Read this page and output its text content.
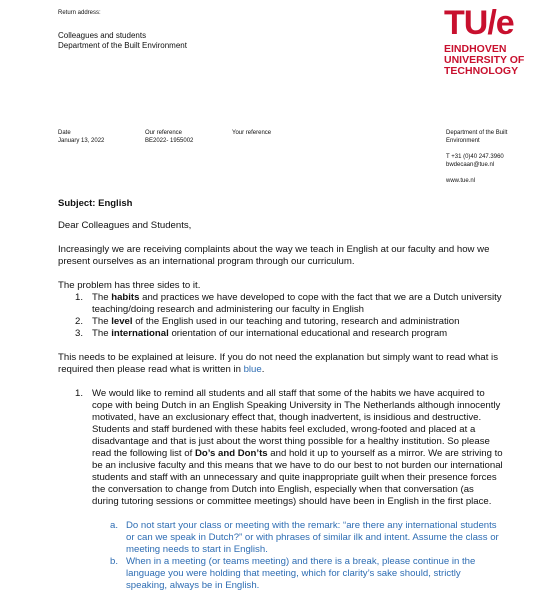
Return address:
Colleagues and students
Department of the Built Environment
TU/e
EINDHOVEN
UNIVERSITY OF
TECHNOLOGY
Date
January 13, 2022
Our reference
BE2022- 1955002
Your reference	Department of the Built
Environment
T +31 (0)40 247.3960
bwdecaan@tue.nl
www.tue.nl
Subject: English
Dear Colleagues and Students,
Increasingly we are receiving complaints about the way we teach in English at our faculty and how we present ourselves as an international program through our curriculum.
The problem has three sides to it.
1. The habits and practices we have developed to cope with the fact that we are a Dutch university teaching/doing research and administering our faculty in English
2. The level of the English used in our teaching and tutoring, research and administration
3. The international orientation of our international educational and research program
This needs to be explained at leisure. If you do not need the explanation but simply want to read what is required then please read what is written in blue.
1. We would like to remind all students and all staff that some of the habits we have acquired to cope with being Dutch in an English Speaking University in The Netherlands although innocently motivated, have an exclusionary effect that, though inadvertent, is insidious and destructive. Students and staff burdened with these habits feel excluded, wrong-footed and placed at a disadvantage and that is just about the worst thing possible for a healthy institution. So please read the following list of Do’s and Don’ts and hold it up to yourself as a mirror. We are striving to be an inclusive faculty and this means that we have to do our best to not burden our international students and staff with an unnecessary and quite inappropriate guilt when their presence forces the conversation to change from Dutch into English, especially when that conversation (as during tutoring sessions or committee meetings) should have been in English in the first place.
a. Do not start your class or meeting with the remark: “are there any international students or can we speak in Dutch?” or with phrases of similar ilk and intent. Assume the class or meeting needs to start in English.
b. When in a meeting (or teams meeting) and there is a break, please continue in the language you were holding that meeting, which for clarity’s sake should, strictly speaking, always be in English.
